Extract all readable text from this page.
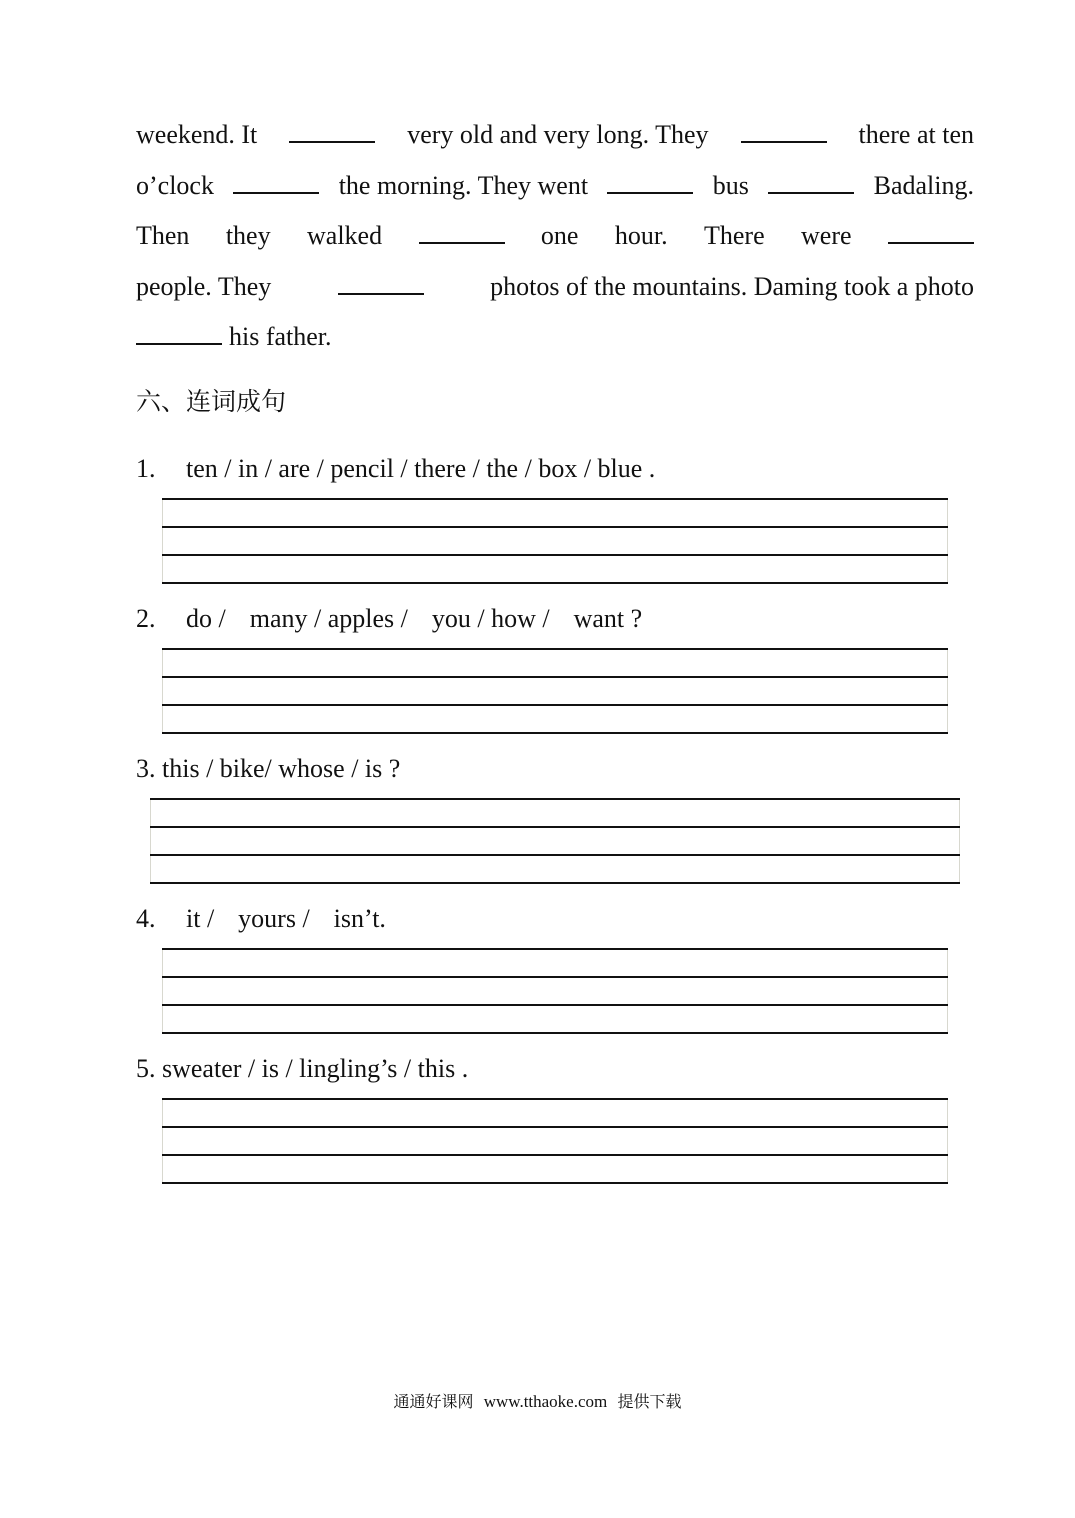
weekend. It	very old and very long. They	there at ten
o’clock	the morning. They went	bus	Badaling.
Then they walked	one hour. There were
people. They	photos of the mountains. Daming took a photo
his father.
六、连词成句
1. ten / in / are / pencil / there / the / box / blue .
2. do / many / apples / you / how / want ?
3. this / bike/ whose / is ?
4. it / yours / isn’t.
5. sweater / is / lingling’s / this .
通通好课网 www.tthaoke.com 提供下载
